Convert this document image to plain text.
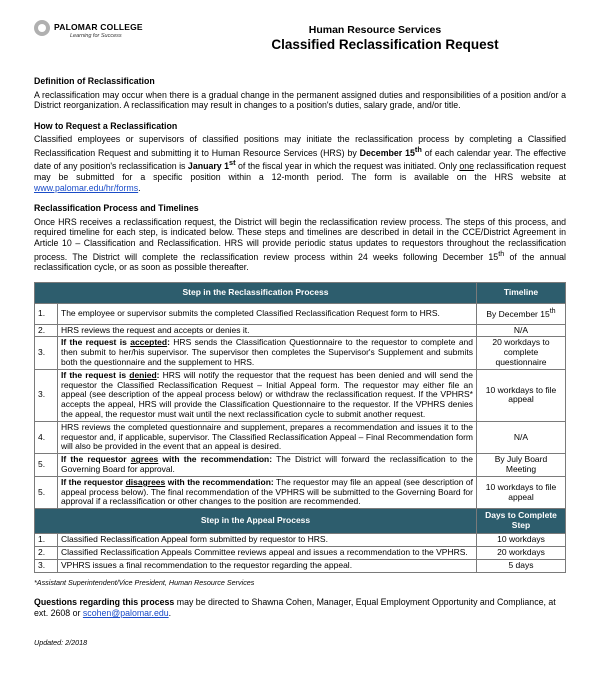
PALOMAR COLLEGE
Learning for Success	Human Resource Services
Classified Reclassification Request
Definition of Reclassification
A reclassification may occur when there is a gradual change in the permanent assigned duties and responsibilities of a position and/or a District reorganization. A reclassification may result in changes to a position's duties, salary grade, and/or title.
How to Request a Reclassification
Classified employees or supervisors of classified positions may initiate the reclassification process by completing a Classified Reclassification Request and submitting it to Human Resource Services (HRS) by December 15th of each calendar year. The effective date of any position's reclassification is January 1st of the fiscal year in which the request was initiated. Only one reclassification request may be submitted for a specific position within a 12-month period. The form is available on the HRS website at www.palomar.edu/hr/forms.
Reclassification Process and Timelines
Once HRS receives a reclassification request, the District will begin the reclassification review process. The steps of this process, and required timeline for each step, is indicated below. These steps and timelines are described in detail in the CCE/District Agreement in Article 10 – Classification and Reclassification. HRS will provide periodic status updates to requestors throughout the reclassification process. The District will complete the reclassification review process within 24 weeks following December 15th of the annual reclassification cycle, or as soon as possible thereafter.
Step in the Reclassification Process		Timeline
1.	The employee or supervisor submits the completed Classified Reclassification Request form to HRS.	By December 15th
2.	HRS reviews the request and accepts or denies it.	N/A
3.	If the request is accepted: HRS sends the Classification Questionnaire to the requestor to complete and then submit to her/his supervisor. The supervisor then completes the Supervisor's Supplement and submits both the questionnaire and the supplement to HRS.	20 workdays to complete questionnaire
3.	If the request is denied: HRS will notify the requestor that the request has been denied and will send the requestor the Classified Reclassification Request – Initial Appeal form. The requestor may either file an appeal (see description of the appeal process below) or withdraw the reclassification request. If the VPHRS* accepts the appeal, HRS will provide the Classification Questionnaire to the requestor. If the VPHRS denies the appeal, the requestor must wait until the next reclassification cycle to submit another request.	10 workdays to file appeal
4.	HRS reviews the completed questionnaire and supplement, prepares a recommendation and issues it to the requestor and, if applicable, supervisor. The Classified Reclassification Appeal – Final Recommendation form will also be provided in the event that an appeal is desired.	N/A
5.	If the requestor agrees with the recommendation: The District will forward the reclassification to the Governing Board for approval.	By July Board Meeting
5.	If the requestor disagrees with the recommendation: The requestor may file an appeal (see description of appeal process below). The final recommendation of the VPHRS will be submitted to the Governing Board for approval if a reclassification or other changes to the position are recommended.	10 workdays to file appeal
Step in the Appeal Process		Days to Complete Step
1.	Classified Reclassification Appeal form submitted by requestor to HRS.	10 workdays
2.	Classified Reclassification Appeals Committee reviews appeal and issues a recommendation to the VPHRS.	20 workdays
3.	VPHRS issues a final recommendation to the requestor regarding the appeal.	5 days
*Assistant Superintendent/Vice President, Human Resource Services
Questions regarding this process may be directed to Shawna Cohen, Manager, Equal Employment Opportunity and Compliance, at ext. 2608 or scohen@palomar.edu.
Updated: 2/2018
